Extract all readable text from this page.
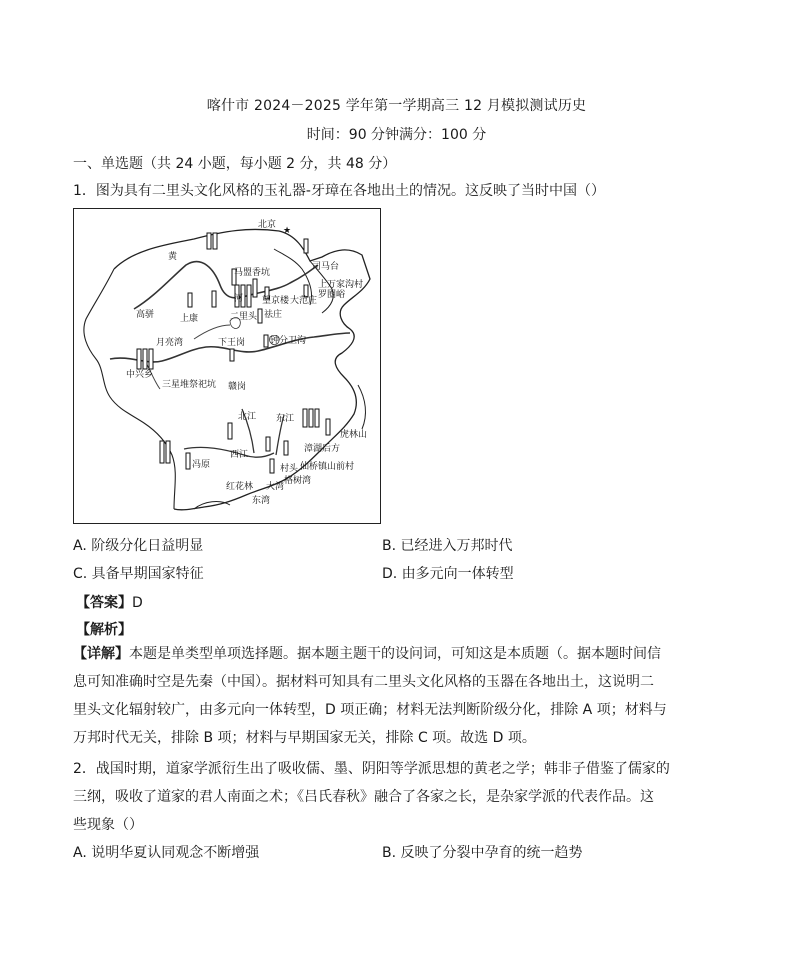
喀什市 2024－2025 学年第一学期高三 12 月模拟测试历史
时间：90 分钟满分：100 分
一、单选题（共 24 小题，每小题 2 分，共 48 分）
1．图为具有二里头文化风格的玉礼器-牙璋在各地出土的情况。这反映了当时中国（）
★
北京
黄
河
马盟香坑
司马台
上万家沟村
罗圈峪
高骈	上康	二里头
望京楼 大范庄
祛庄
月亮湾	下王岗
中兴乡
钟分卫沟
三星堆祭祀坑 赣岗
北江 东江
虎林山
西江
冯原
漳湖后方
村头 仙桥镇山前村
红花林 大湾
格树湾
东湾
A. 阶级分化日益明显	B. 已经进入万邦时代
C. 具备早期国家特征	D. 由多元向一体转型
【答案】D
【解析】
【详解】本题是单类型单项选择题。据本题主题干的设问词，可知这是本质题（。据本题时间信
息可知准确时空是先秦（中国）。据材料可知具有二里头文化风格的玉器在各地出土，这说明二
里头文化辐射较广，由多元向一体转型，D 项正确；材料无法判断阶级分化，排除 A 项；材料与
万邦时代无关，排除 B 项；材料与早期国家无关，排除 C 项。故选 D 项。
2．战国时期，道家学派衍生出了吸收儒、墨、阴阳等学派思想的黄老之学；韩非子借鉴了儒家的
三纲，吸收了道家的君人南面之术；《吕氏春秋》融合了各家之长，是杂家学派的代表作品。这
些现象（）
A. 说明华夏认同观念不断增强	B. 反映了分裂中孕育的统一趋势
